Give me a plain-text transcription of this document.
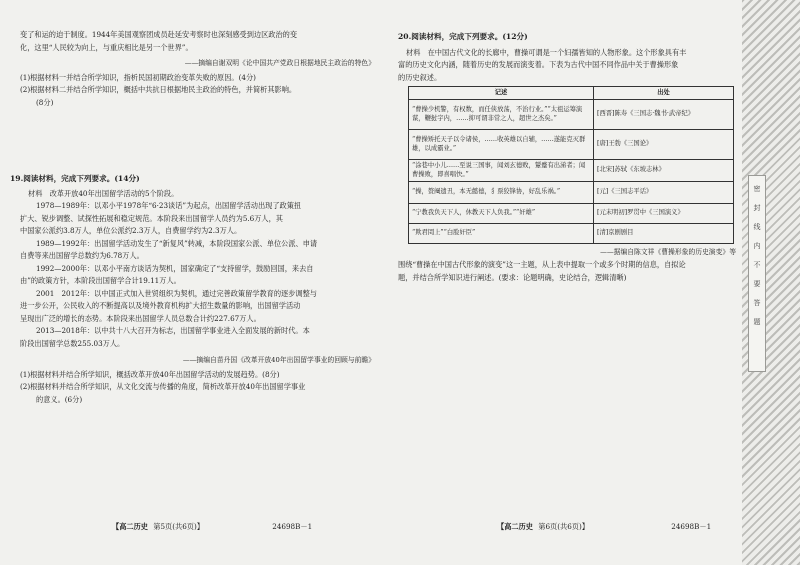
变了和运的迫于制度。1944年美国观察团成员赴延安考察时也深刻感受到边区政治的变

化，这里“人民较为向上，与重庆相比是另一个世界”。

——摘编自谢双明《论中国共产党政日根据地民主政治的特色》

(1)根据材料一并结合所学知识，指析民国初期政治变革失败的原因。(4分)

(2)根据材料二并结合所学知识，概括中共抗日根据地民主政治的特色，并简析其影响。

(8分)

19.阅读材料，完成下列要求。(14分)

材料　改革开放40年出国留学活动的5个阶段。

1978—1989年：以邓小平1978年“6·23谈话”为起点，出国留学活动出现了政策扭

扩大、锐步调整、试探性拓展和稳定规范。本阶段来出国留学人员约为5.6万人，其

中国家公派约3.8万人，单位公派约2.3万人，自费留学约为2.3万人。

1989—1992年：出国留学活动发生了“新复风”转减，本阶段国家公派、单位公派、申请

自费等来出国留学总数约为6.78万人。

1992—2000年：以邓小平南方谈话为契机，国家确定了“支持留学，鼓励回国，来去自

由”的政策方针，本阶段出国留学合计19.11万人。

2001　2012年：以中国正式加入世贸组织为契机，通过完善政策留学教育的逐步调整与

进一步公开，公民收入的不断提高以及境外教育机构扩大招生数量的影响，出国留学活动

呈现出广泛的增长的态势。本阶段来出国留学人员总数合计约227.67万人。

2013—2018年：以中共十八大召开为标志，出国留学事业进入全面发展的新时代。本

阶段出国留学总数255.03万人。

——摘编自苗丹国《改革开放40年出国留学事业的回顾与前瞻》

(1)根据材料并结合所学知识，概括改革开放40年出国留学活动的发展趋势。(8分)

(2)根据材料并结合所学知识，从文化交流与传播的角度，简析改革开放40年出国留学事业

的意义。(6分)

【高二历史 第5页(共6页)】	24698B－1

20.阅读材料，完成下列要求。(12分)

材料　在中国古代文化的长廊中，曹操可谓是一个妇孺皆知的人物形象。这个形象具有丰

富的历史文化内涵，随着历史的发展而演变着。下表为古代中国不同作品中关于曹操形象

的历史叙述。

记述	出处
“曹操少机警，有权数，而任侠放荡，不治行业。”“太祖运筹演谋，鞭挝宇内，……抑可谓非常之人，超世之杰矣。”	[西晋]陈寿《三国志·魏书·武帝纪》
“曹操矫托天子以令诸侯，……收英雄以自辅，……遂能克灭群雄，以成霸业。”	[唐]王勃《三国论》
“涂巷中小儿……至说三国事，闻刘玄德败，颦蹙有出涕者；闻曹操败，即喜唱快。”	[北宋]苏轼《东坡志林》
“操，赘阉遗丑，本无懿德，犭票狡锋协，好乱乐祸。”	[元]《三国志平话》
“宁教我负天下人，休教天下人负我。”“奸雄”	[元末明初]罗贯中《三国演义》
“欺君罔上”“白脸奸臣”	[清]京剧剧目

——据编自陈文祥《曹操形象的历史演变》等

围绕“曹操在中国古代形象的演变”这一主题，从上表中提取一个或多个时期的信息，自拟论

题，并结合所学知识进行阐述。(要求：论题明确，史论结合，逻辑清晰)

【高二历史 第6页(共6页)】	24698B－1
密
封
线
内
不
要
答
题
